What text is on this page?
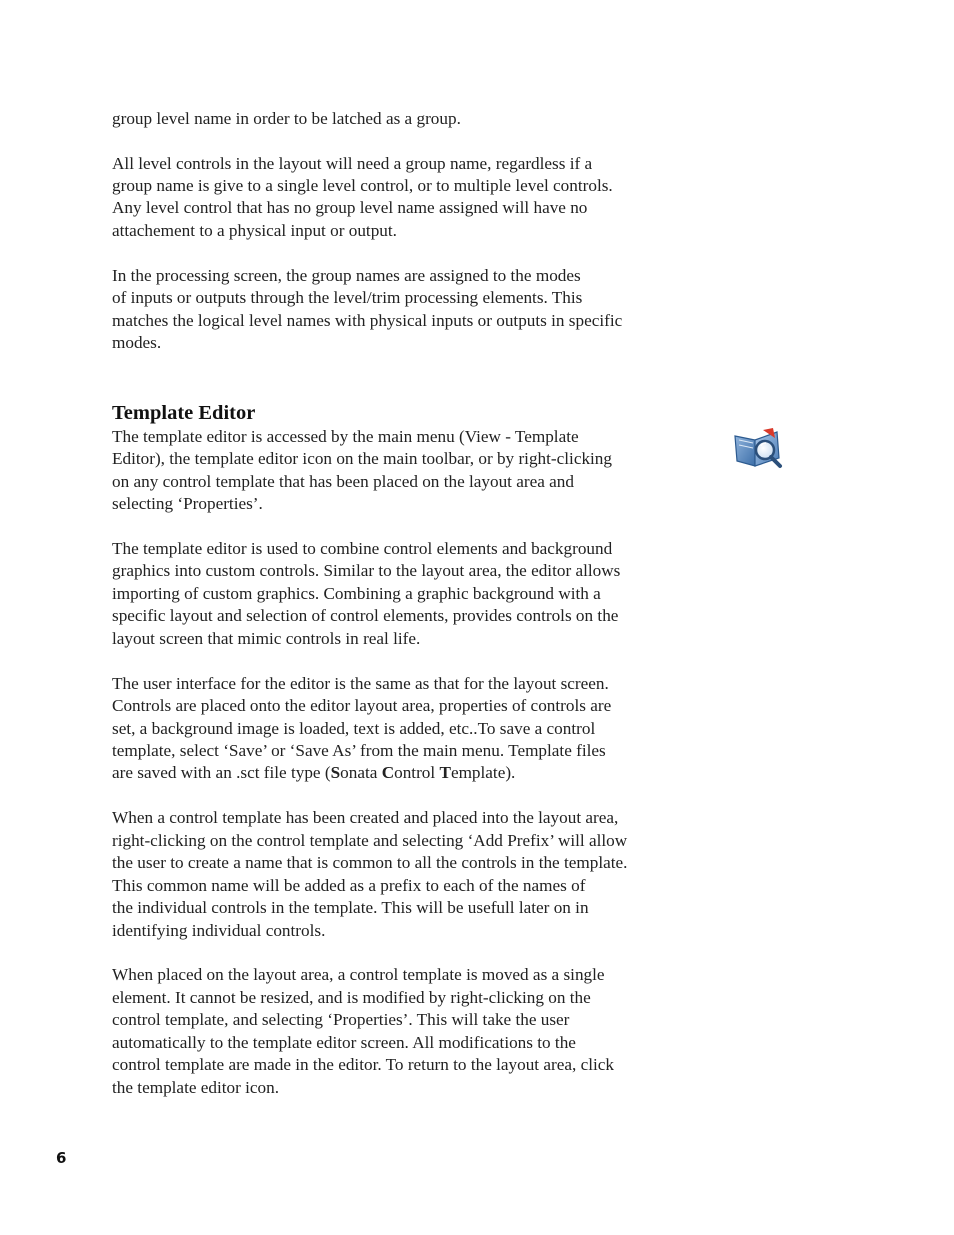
group level name in order to be latched as a group.

All level controls in the layout will need a group name, regardless if a

group name is give to a single level control, or to multiple level controls.

Any level control that has no group level name assigned will have no

attachement to a physical input or output.

In the processing screen, the group names are assigned to the modes

of inputs or outputs through the level/trim processing elements. This

matches the logical level names with physical inputs or outputs in specific

modes.

Template Editor

The template editor is accessed by the main menu (View - Template

Editor), the template editor icon on the main toolbar, or by right-clicking

on any control template that has been placed on the layout area and

selecting ‘Properties’.

The template editor is used to combine control elements and background

graphics into custom controls. Similar to the layout area, the editor allows

importing of custom graphics. Combining a graphic background with a

specific layout and selection of control elements, provides controls on the

layout screen that mimic controls in real life.

The user interface for the editor is the same as that for the layout screen.

Controls are placed onto the editor layout area, properties of controls are

set, a background image is loaded, text is added, etc..To save a control

template, select ‘Save’ or ‘Save As’ from the main menu. Template files

are saved with an .sct file type (Sonata Control Template).

When a control template has been created and placed into the layout area,

right-clicking on the control template and selecting ‘Add Prefix’ will allow

the user to create a name that is common to all the controls in the template.

This common name will be added as a prefix to each of the names of

the individual controls in the template. This will be usefull later on in

identifying individual controls.

When placed on the layout area, a control template is moved as a single

element. It cannot be resized, and is modified by right-clicking on the

control template, and selecting ‘Properties’. This will take the user

automatically to the template editor screen. All modifications to the

control template are made in the editor. To return to the layout area, click

the template editor icon.

6
